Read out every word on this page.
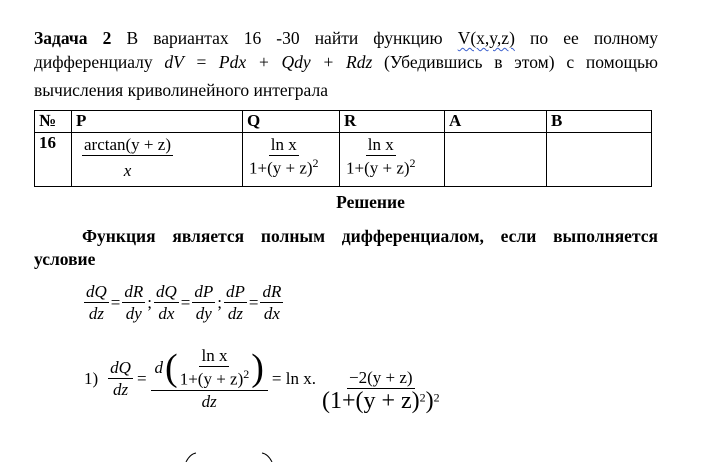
Задача 2 В вариантах 16 -30 найти функцию V(x,y,z) по ее полному
дифференциалу dV = Pdx + Qdy + Rdz (Убедившись в этом) с помощью
вычисления криволинейного интеграла
№	P	Q	R	A	B
16	$\frac{\arctan(y + z)}{x}$	$\frac{\text{ln x}}{1+(y + z)^2}$	$\frac{\text{ln x}}{1+(y + z)^2}$

Решение
Функция является полным дифференциалом, если выполняется
условие
$\frac{dQ}{dz} = \frac{dR}{dy}$ ; $\frac{dQ}{dx} = \frac{dP}{dy}$ ; $\frac{dP}{dz} = \frac{dR}{dx}$
$1) \frac{dQ}{dz}$ =
d ( $\frac{\text{ln x}}{1+(y + z)^2}$ )
dz
= ln x. $\frac{-2(y + z)}{(1+(y + z)^2)^2}$
